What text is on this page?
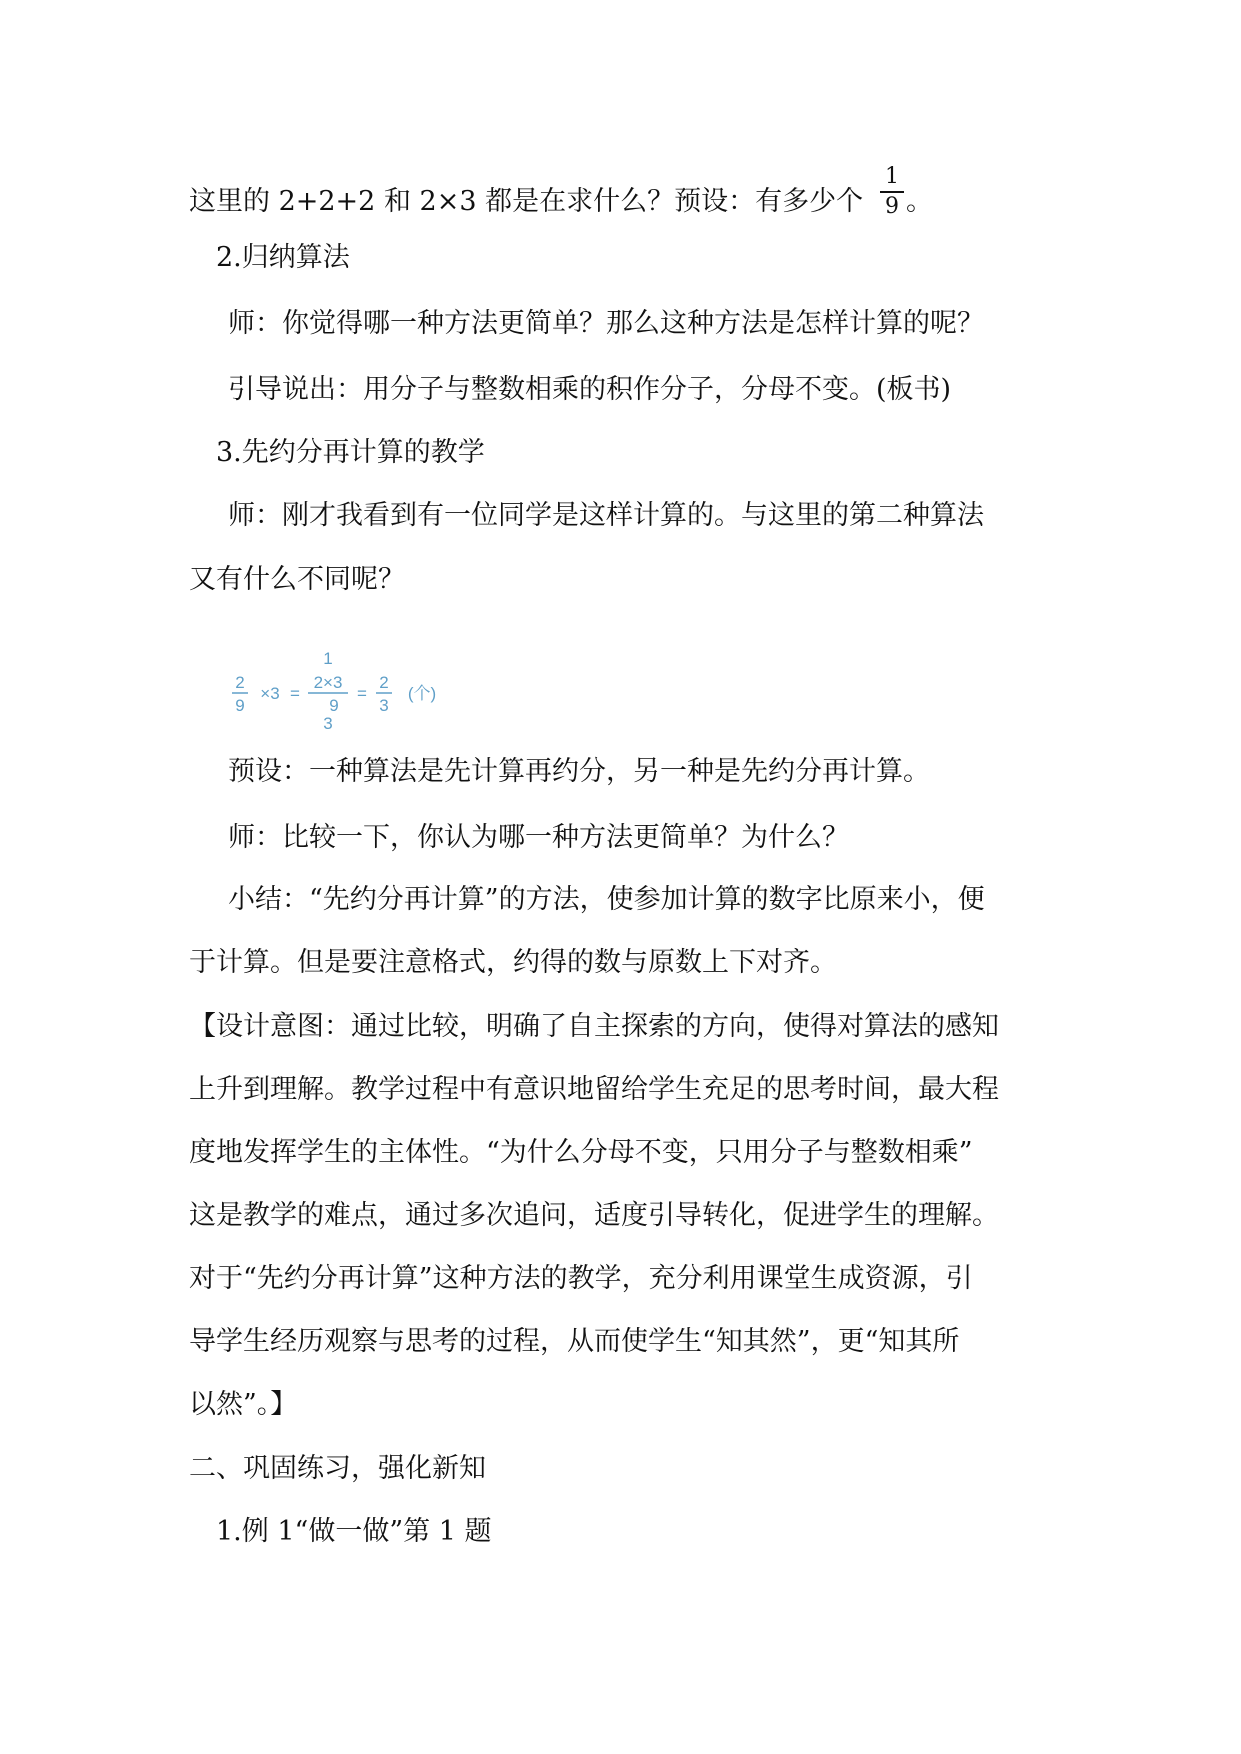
这里的 2+2+2 和 2×3 都是在求什么？预设：有多少个
1
9 。
2.归纳算法
师：你觉得哪一种方法更简单？那么这种方法是怎样计算的呢？
引导说出：用分子与整数相乘的积作分子，分母不变。(板书)
3.先约分再计算的教学
师：刚才我看到有一位同学是这样计算的。与这里的第二种算法
又有什么不同呢？
2
9
×3 =
1
2×3
9
3
=
2
3
(个)
预设：一种算法是先计算再约分，另一种是先约分再计算。
师：比较一下，你认为哪一种方法更简单？为什么？
小结：“先约分再计算”的方法，使参加计算的数字比原来小，便
于计算。但是要注意格式，约得的数与原数上下对齐。
【设计意图：通过比较，明确了自主探索的方向，使得对算法的感知
上升到理解。教学过程中有意识地留给学生充足的思考时间，最大程
度地发挥学生的主体性。“为什么分母不变，只用分子与整数相乘”
这是教学的难点，通过多次追问，适度引导转化，促进学生的理解。
对于“先约分再计算”这种方法的教学，充分利用课堂生成资源，引
导学生经历观察与思考的过程，从而使学生“知其然”，更“知其所
以然”。】
二、巩固练习，强化新知
1.例 1“做一做”第 1 题
